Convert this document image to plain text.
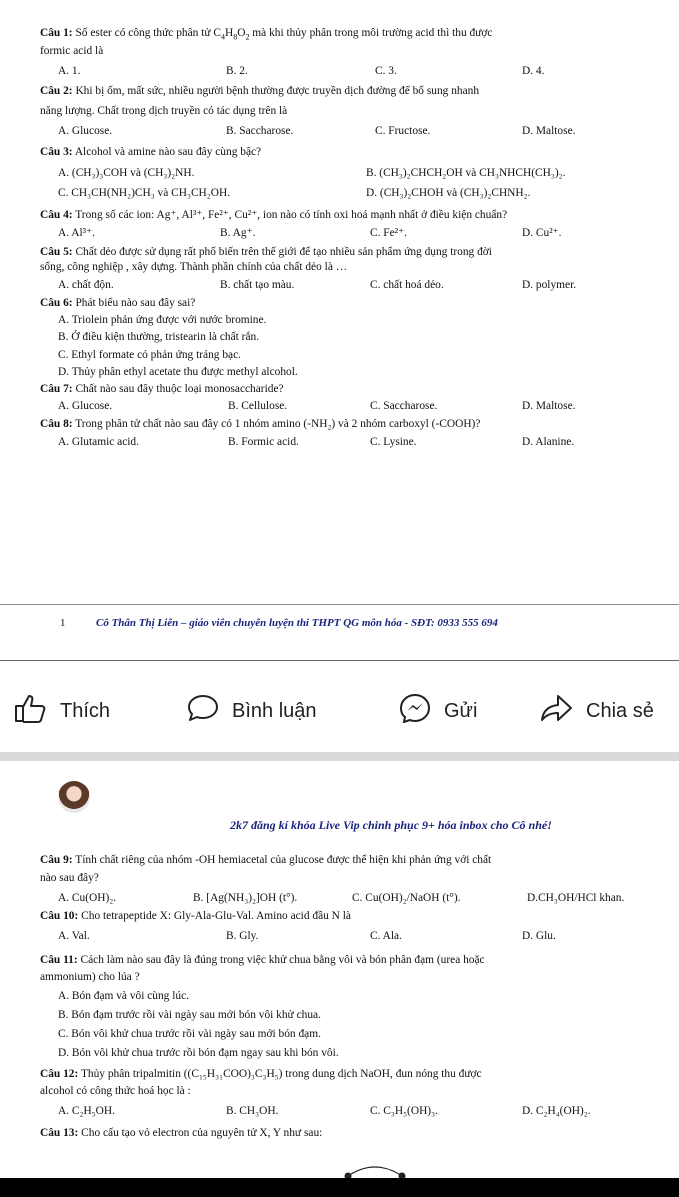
Câu 1: Số ester có công thức phân tử $C_4H_8O_2$ mà khi thủy phân trong môi trường acid thì thu được
formic acid là
A. 1.	B. 2.	C. 3.	D. 4.
Câu 2: Khi bị ốm, mất sức, nhiều người bệnh thường được truyền dịch đường để bổ sung nhanh
năng lượng. Chất trong dịch truyền có tác dụng trên là
A. Glucose.	B. Saccharose.	C. Fructose.	D. Maltose.
Câu 3: Alcohol và amine nào sau đây cùng bậc?
A. (CH₃)₃COH và (CH₃)₂NH.	B. (CH₃)₂CHCH₂OH và CH₃NHCH(CH₃)₂.
C. CH₃CH(NH₂)CH₃ và CH₃CH₂OH.	D. (CH₃)₂CHOH và (CH₃)₂CHNH₂.
Câu 4: Trong số các ion: Ag⁺, Al³⁺, Fe²⁺, Cu²⁺, ion nào có tính oxi hoá mạnh nhất ở điều kiện chuẩn?
A. Al³⁺.	B. Ag⁺.	C. Fe²⁺.	D. Cu²⁺.
Câu 5: Chất dẻo được sử dụng rất phổ biến trên thế giới để tạo nhiều sản phẩm ứng dụng trong đời
sống, công nghiệp , xây dựng. Thành phần chính của chất dẻo là …
A. chất độn.	B. chất tạo màu.	C. chất hoá dẻo.	D. polymer.
Câu 6: Phát biểu nào sau đây sai?
A. Triolein phản ứng được với nước bromine.
B. Ở điều kiện thường, tristearin là chất rắn.
C. Ethyl formate có phản ứng tráng bạc.
D. Thủy phân ethyl acetate thu được methyl alcohol.
Câu 7: Chất nào sau đây thuộc loại monosaccharide?
A. Glucose.	B. Cellulose.	C. Saccharose.	D. Maltose.
Câu 8: Trong phân tử chất nào sau đây có 1 nhóm amino (-NH₂) và 2 nhóm carboxyl (-COOH)?
A. Glutamic acid.	B. Formic acid.	C. Lysine.	D. Alanine.
1	Cô Thân Thị Liên – giáo viên chuyên luyện thi THPT QG môn hóa - SĐT: 0933 555 694
Thích	Bình luận	Gửi	Chia sẻ
2k7 đăng kí khóa Live Vip chinh phục 9+ hóa inbox cho Cô nhé!
Câu 9: Tính chất riêng của nhóm -OH hemiacetal của glucose được thể hiện khi phản ứng với chất
nào sau đây?
A. Cu(OH)₂.	B. [Ag(NH₃)₂]OH (t°).	C. Cu(OH)₂/NaOH (t°).	D.CH₃OH/HCl khan.
Câu 10: Cho tetrapeptide X: Gly-Ala-Glu-Val. Amino acid đầu N là
A. Val.	B. Gly.	C. Ala.	D. Glu.
Câu 11: Cách làm nào sau đây là đúng trong việc khử chua bằng vôi và bón phân đạm (urea hoặc
ammonium) cho lúa ?
A. Bón đạm và vôi cùng lúc.
B. Bón đạm trước rồi vài ngày sau mới bón vôi khử chua.
C. Bón vôi khử chua trước rồi vài ngày sau mới bón đạm.
D. Bón vôi khử chua trước rồi bón đạm ngay sau khi bón vôi.
Câu 12: Thủy phân tripalmitin ((C₁₅H₃₁COO)₃C₃H₅) trong dung dịch NaOH, đun nóng thu được
alcohol có công thức hoá học là :
A. C₂H₅OH.	B. CH₃OH.	C. C₃H₅(OH)₃.	D. C₂H₄(OH)₂.
Câu 13: Cho cấu tạo vỏ electron của nguyên tử X, Y như sau:
